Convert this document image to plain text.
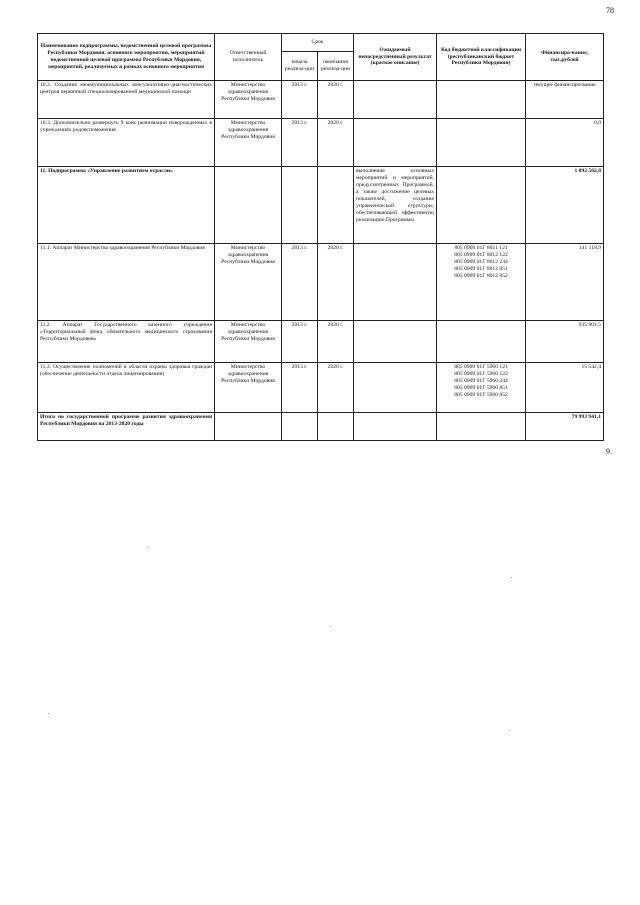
78
9.
Наименование подпрограммы, ведомственной целевой программы Республики Мордовия, основного мероприятия, мероприятий ведомственной целевой программы Республики Мордовия, мероприятий, реализуемых в рамках основного мероприятия	Ответственный исполнитель	Срок		Ожидаемый непосредственный результат (краткое описание)	Код бюджетной классификации (республиканский бюджет Республики Мордовия)	Финансиро-вание, тыс.рублей
		начала реализа-ции	окончания реализа-ции			
10.2. Создание межмуниципальных консультативно-диагностических центров первичной специализированной медицинской помощи	Министерство здравоохранения Республики Мордовия	2013 г.	2020 г.			текущее финансиро-вание
10.3. Дополнительно развернуть 9 коек реанимации новорожденных в учреждениях родовспоможения	Министерство здравоохранения Республики Мордовия	2013 г.	2020 г.			0,0
11. Подпрограмма «Управление развитием отрасли»				выполнение основных мероприятий и мероприятий, предусмотренных Программой, а также достижение целевых показателей, создание управленческой структуры, обеспечивающей эффективную реализацию Программы		1 092 562,8
11.1. Аппарат Министерства здравоохранения Республики Мордовия	Министерство здравоохранения Республики Мордовия	2013 г.	2020 г.		805 0909 01Г 8011 121
805 0909 01Г 8012 122
805 0909 01Г 8012 244
805 0909 01Г 8012 851
805 0909 01Г 8012 852	141 118,9
11.2. Аппарат Государственного казенного учреждения «Территориальный фонд обязательного медицинского страхования Республики Мордовия»	Министерство здравоохранения Республики Мордовия	2013 г.	2020 г.			935 901,5
11.3. Осуществление полномочий в области охраны здоровья граждан (обеспечение деятельности отдела лицензирования)	Министерство здравоохранения Республики Мордовия	2013 г.	2020 г.		805 0909 01Г 5960 121
805 0909 01Г 5960 122
805 0909 01Г 5960 244
805 0909 01Г 5960 851
805 0909 01Г 5960 852	15 542,4
Итого по государственной программе развития здравоохранения Республики Мордовия на 2013-2020 годы						79 993 941,1
